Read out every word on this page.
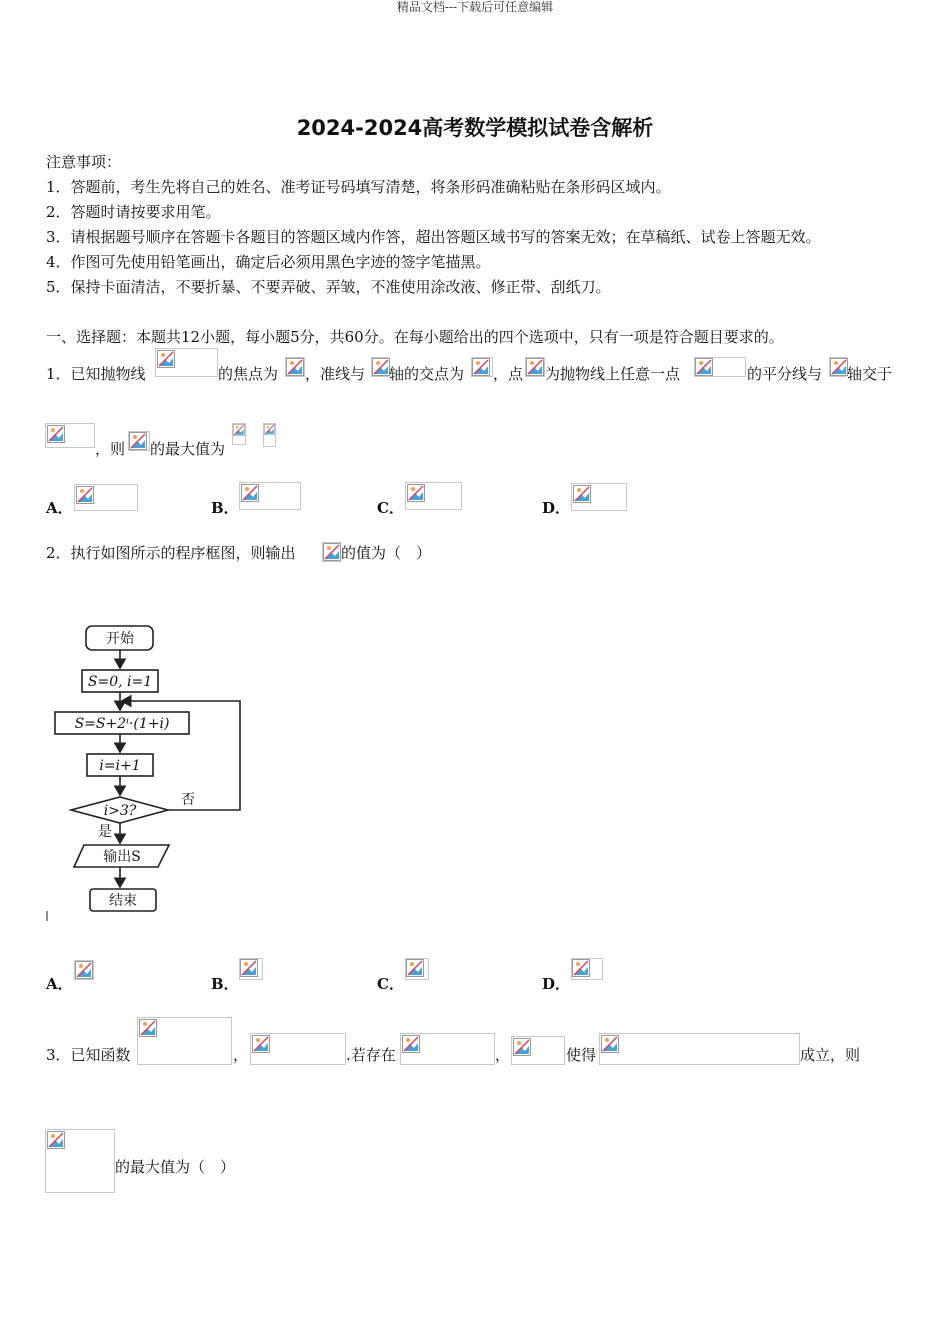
精品文档---下载后可任意编辑
2024-2024高考数学模拟试卷含解析
注意事项：
1．答题前，考生先将自己的姓名、准考证号码填写清楚，将条形码准确粘贴在条形码区域内。
2．答题时请按要求用笔。
3．请根据题号顺序在答题卡各题目的答题区域内作答，超出答题区域书写的答案无效；在草稿纸、试卷上答题无效。
4．作图可先使用铅笔画出，确定后必须用黑色字迹的签字笔描黑。
5．保持卡面清洁，不要折暴、不要弄破、弄皱，不准使用涂改液、修正带、刮纸刀。
一、选择题：本题共12小题，每小题5分，共60分。在每小题给出的四个选项中，只有一项是符合题目要求的。
1．已知抛物线	的焦点为 ，准线与 轴的交点为 ，点 为抛物线上任意一点	的平分线与 轴交于
，则 的最大值为
A．	B．	C．	D．
2．执行如图所示的程序框图，则输出	的值为（　）
开始
S=0, i=1
S=S+2ⁱ·(1+i)
i=i+1
i>3?
否
是
输出S
结束
A．	B．	C．	D．
3．已知函数	，	.若存在	，	使得	成立，则
的最大值为（　）
